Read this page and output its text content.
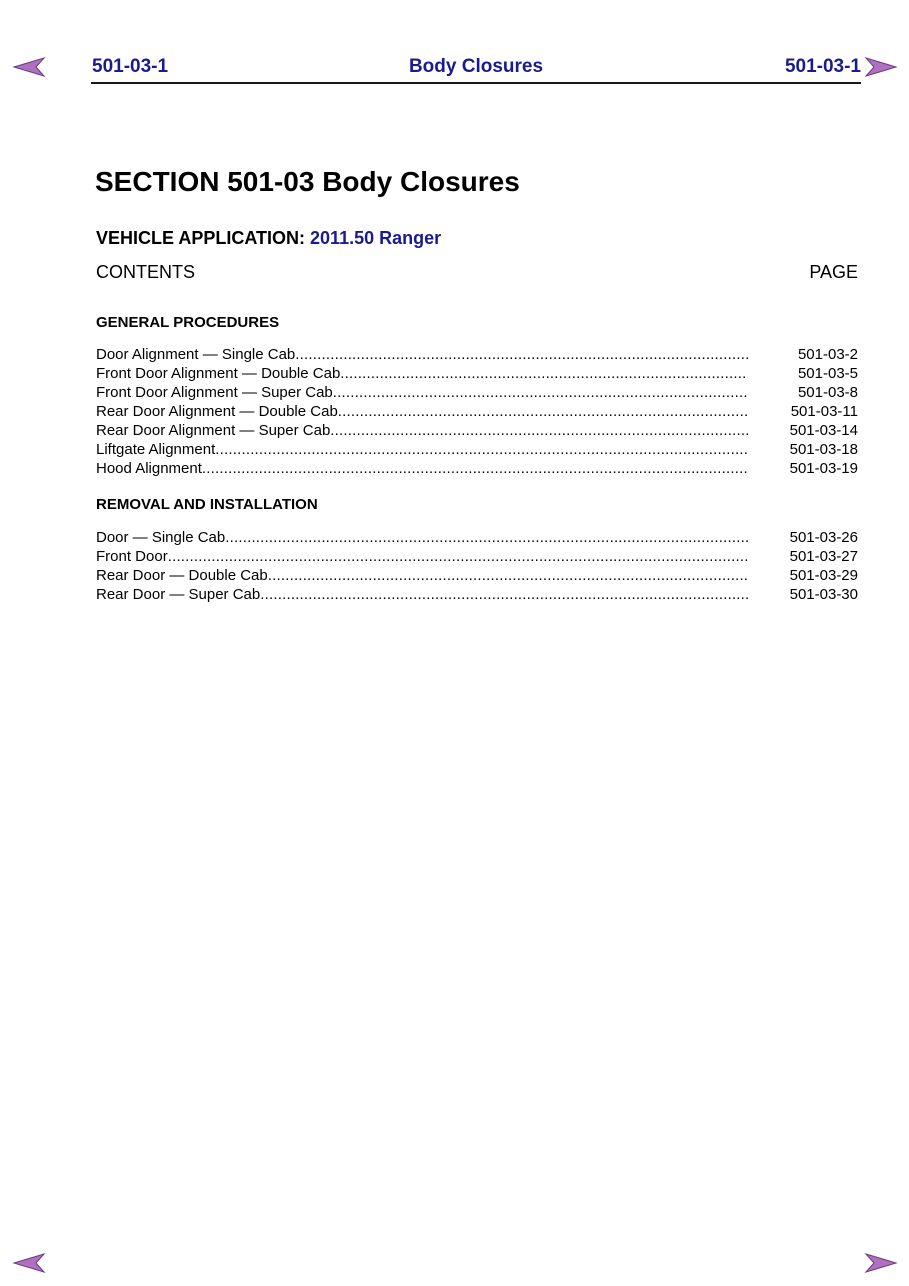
Body Closures
501-03-1	501-03-1
SECTION 501-03 Body Closures
VEHICLE APPLICATION: 2011.50 Ranger
CONTENTS	PAGE
GENERAL PROCEDURES
Door Alignment — Single Cab .....	501-03-2
Front Door Alignment — Double Cab .....	501-03-5
Front Door Alignment — Super Cab .....	501-03-8
Rear Door Alignment — Double Cab .....	501-03-11
Rear Door Alignment — Super Cab .....	501-03-14
Liftgate Alignment .....	501-03-18
Hood Alignment .....	501-03-19
REMOVAL AND INSTALLATION
Door — Single Cab .....	501-03-26
Front Door .....	501-03-27
Rear Door — Double Cab .....	501-03-29
Rear Door — Super Cab .....	501-03-30
